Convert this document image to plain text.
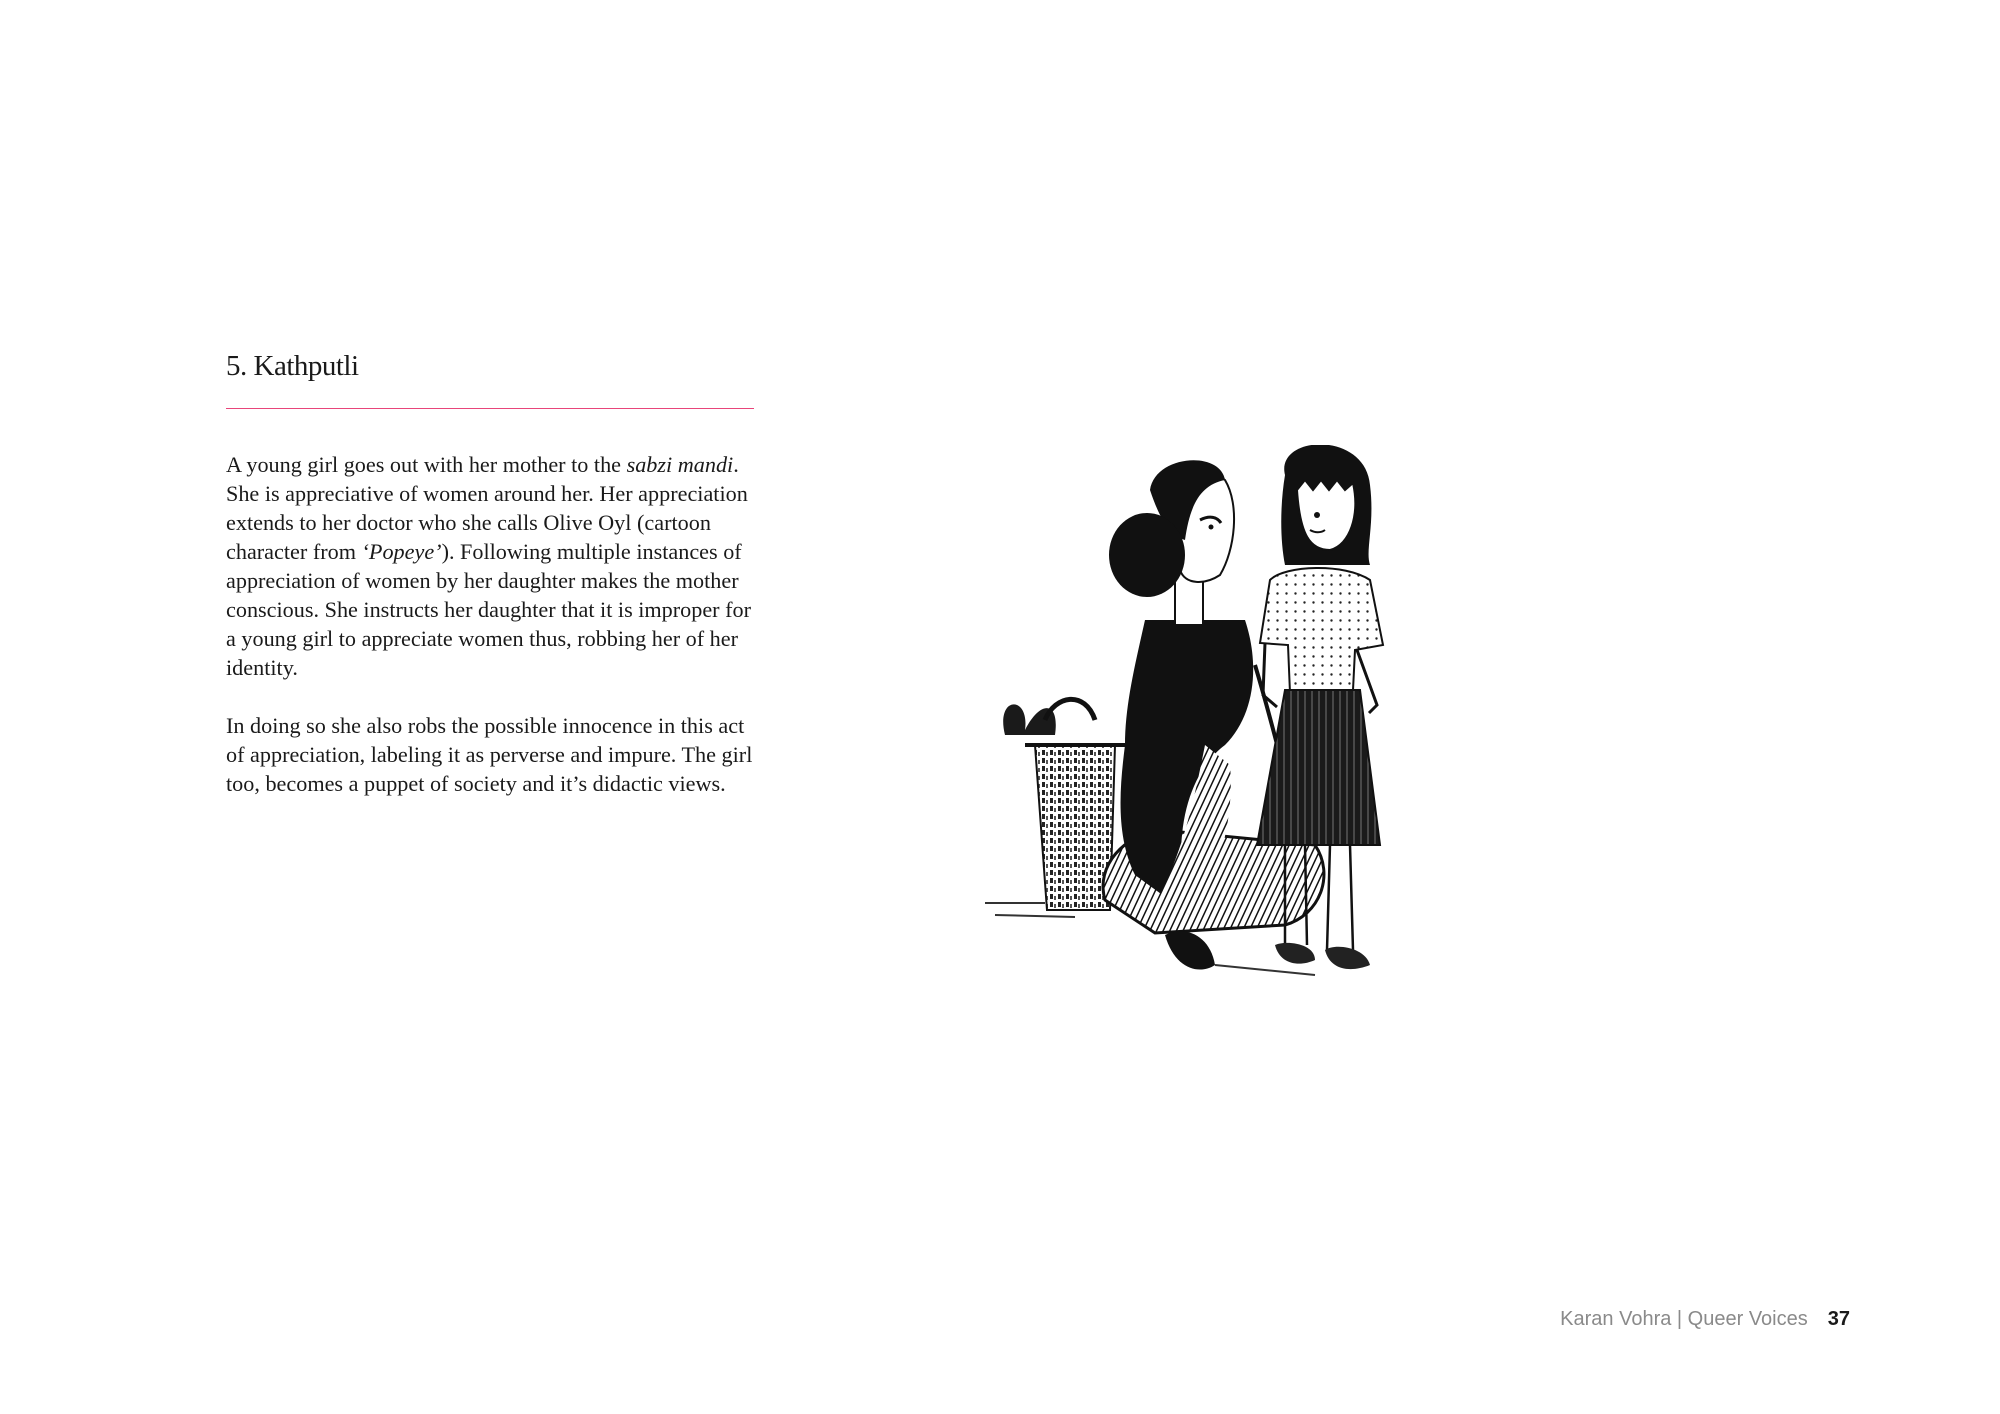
5. Kathputli

A young girl goes out with her mother to the sabzi mandi. She is appreciative of women around her. Her appreciation extends to her doctor who she calls Olive Oyl (cartoon character from ‘Popeye’). Following multiple instances of appreciation of women by her daughter makes the mother conscious. She instructs her daughter that it is improper for a young girl to appreciate women thus, robbing her of her identity.

In doing so she also robs the possible innocence in this act of appreciation, labeling it as perverse and impure. The girl too, becomes a puppet of society and it’s didactic views.

Karan Vohra | Queer Voices 37
